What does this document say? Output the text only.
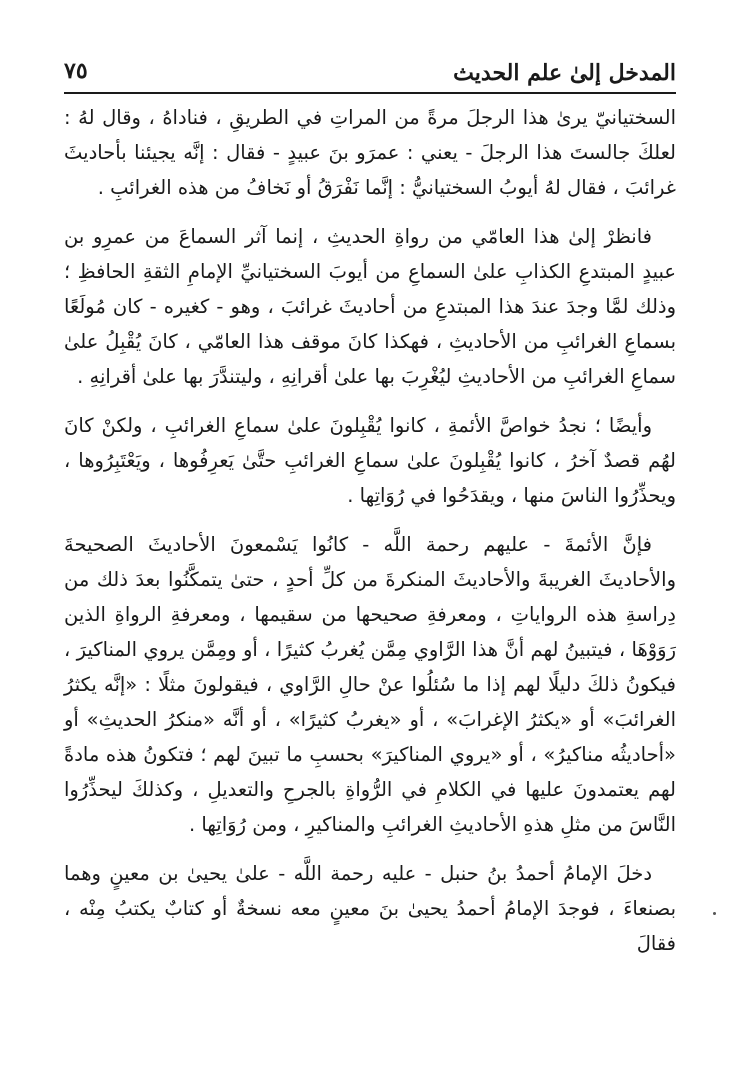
المدخل إلىٰ علم الحديث
٧٥

السختيانيّ يرىٰ هذا الرجلَ مرةً من المراتِ في الطريقِ ، فناداهُ ، وقال لهُ : لعلكَ جالستَ هذا الرجلَ - يعني : عمرَو بنَ عبيدٍ - فقال : إنَّه يجيئنا بأحاديثَ غرائبَ ، فقال لهُ أيوبُ السختيانيُّ : إنَّما نَفْرَقُ أو نَخافُ من هذه الغرائبِ .

فانظرْ إلىٰ هذا العامّي من رواةِ الحديثِ ، إنما آثر السماعَ من عمرِو بن عبيدٍ المبتدعِ الكذابِ علىٰ السماعِ من أيوبَ السختيانيِّ الإمامِ الثقةِ الحافظِ ؛ وذلك لمَّا وجدَ عندَ هذا المبتدعِ من أحاديثَ غرائبَ ، وهو - كغيره - كان مُولَعًا بسماعِ الغرائبِ من الأحاديثِ ، فهكذا كانَ موقف هذا العامّي ، كانَ يُقْبِلُ علىٰ سماعِ الغرائبِ من الأحاديثِ ليُغْرِبَ بها علىٰ أقرانِهِ ، وليتندَّرَ بها علىٰ أقرانِهِ .

وأيضًا ؛ نجدُ خواصَّ الأئمةِ ، كانوا يُقْبِلونَ علىٰ سماعِ الغرائبِ ، ولكنْ كانَ لهُم قصدٌ آخرُ ، كانوا يُقْبِلونَ علىٰ سماعِ الغرائبِ حتَّىٰ يَعرِفُوها ، ويَعْتَبِرُوها ، ويحذِّرُوا الناسَ منها ، ويقدَحُوا في رُوَاتِها .

فإنَّ الأئمةَ - عليهم رحمة اللَّه - كانُوا يَسْمعونَ الأحاديثَ الصحيحةَ والأحاديثَ الغريبةَ والأحاديثَ المنكرةَ من كلِّ أحدٍ ، حتىٰ يتمكَّنُوا بعدَ ذلك من دِراسةِ هذه الرواياتِ ، ومعرفةِ صحيحها من سقيمها ، ومعرفةِ الرواةِ الذين رَوَوْهَا ، فيتبينُ لهم أنَّ هذا الرَّاوي مِمَّن يُغربُ كثيرًا ، أو ومِمَّن يروي المناكيرَ ، فيكونُ ذلكَ دليلًا لهم إذا ما سُئلُوا عنْ حالِ الرَّاوي ، فيقولونَ مثلًا : «إنَّه يكثرُ الغرائبَ» أو «يكثرُ الإغرابَ» ، أو «يغربُ كثيرًا» ، أو أنَّه «منكرُ الحديثِ» أو «أحاديثُه مناكيرُ» ، أو «يروي المناكيرَ» بحسبِ ما تبينَ لهم ؛ فتكونُ هذه مادةً لهم يعتمدونَ عليها في الكلامِ في الرُّواةِ بالجرحِ والتعديلِ ، وكذلكَ ليحذِّرُوا النَّاسَ من مثلِ هذهِ الأحاديثِ الغرائبِ والمناكيرِ ، ومن رُوَاتِها .

دخلَ الإمامُ أحمدُ بنُ حنبل - عليه رحمة اللَّه - علىٰ يحيىٰ بن معينٍ وهما بصنعاءَ ، فوجدَ الإمامُ أحمدُ يحيىٰ بنَ معينٍ معه نسخةٌ أو كتابٌ يكتبُ مِنْه ، فقالَ
